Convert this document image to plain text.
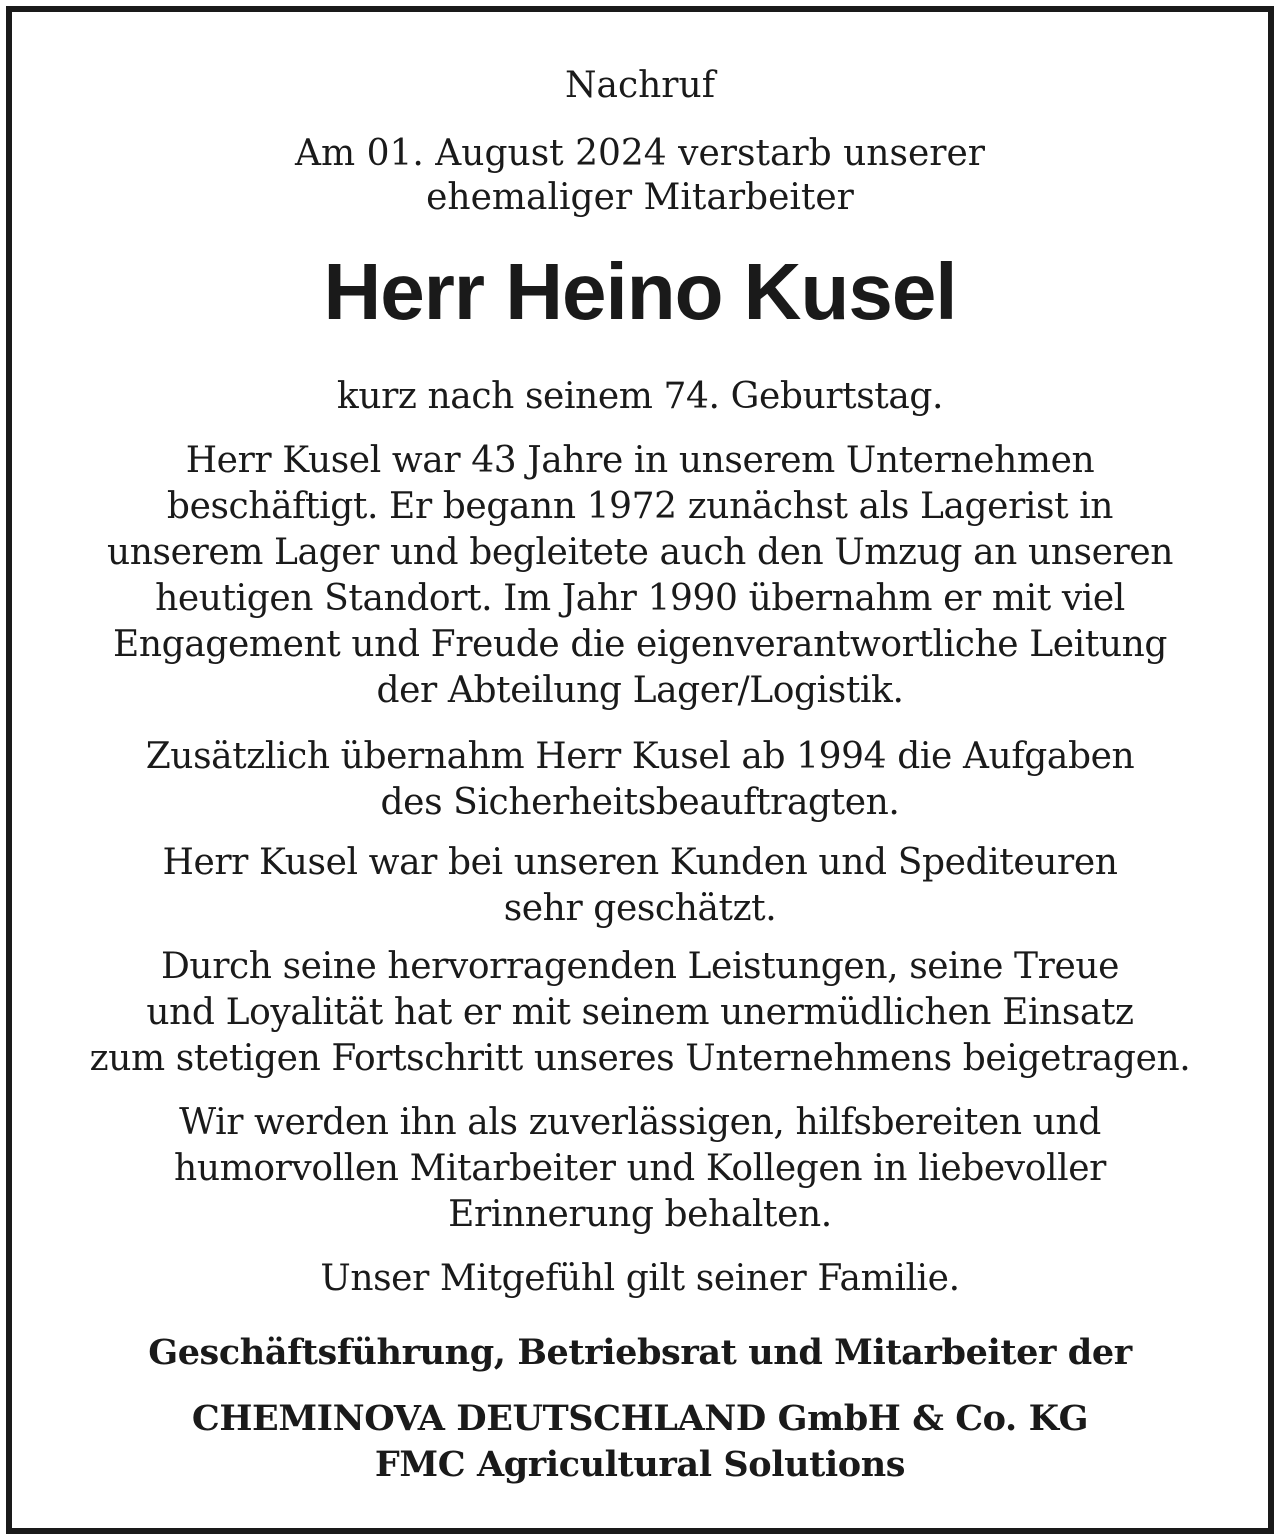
Nachruf
Am 01. August 2024 verstarb unserer
ehemaliger Mitarbeiter
Herr Heino Kusel
kurz nach seinem 74. Geburtstag.
Herr Kusel war 43 Jahre in unserem Unternehmen
beschäftigt. Er begann 1972 zunächst als Lagerist in
unserem Lager und begleitete auch den Umzug an unseren
heutigen Standort. Im Jahr 1990 übernahm er mit viel
Engagement und Freude die eigenverantwortliche Leitung
der Abteilung Lager/Logistik.
Zusätzlich übernahm Herr Kusel ab 1994 die Aufgaben
des Sicherheitsbeauftragten.
Herr Kusel war bei unseren Kunden und Spediteuren
sehr geschätzt.
Durch seine hervorragenden Leistungen, seine Treue
und Loyalität hat er mit seinem unermüdlichen Einsatz
zum stetigen Fortschritt unseres Unternehmens beigetragen.
Wir werden ihn als zuverlässigen, hilfsbereiten und
humorvollen Mitarbeiter und Kollegen in liebevoller
Erinnerung behalten.
Unser Mitgefühl gilt seiner Familie.
Geschäftsführung, Betriebsrat und Mitarbeiter der
CHEMINOVA DEUTSCHLAND GmbH & Co. KG
FMC Agricultural Solutions
